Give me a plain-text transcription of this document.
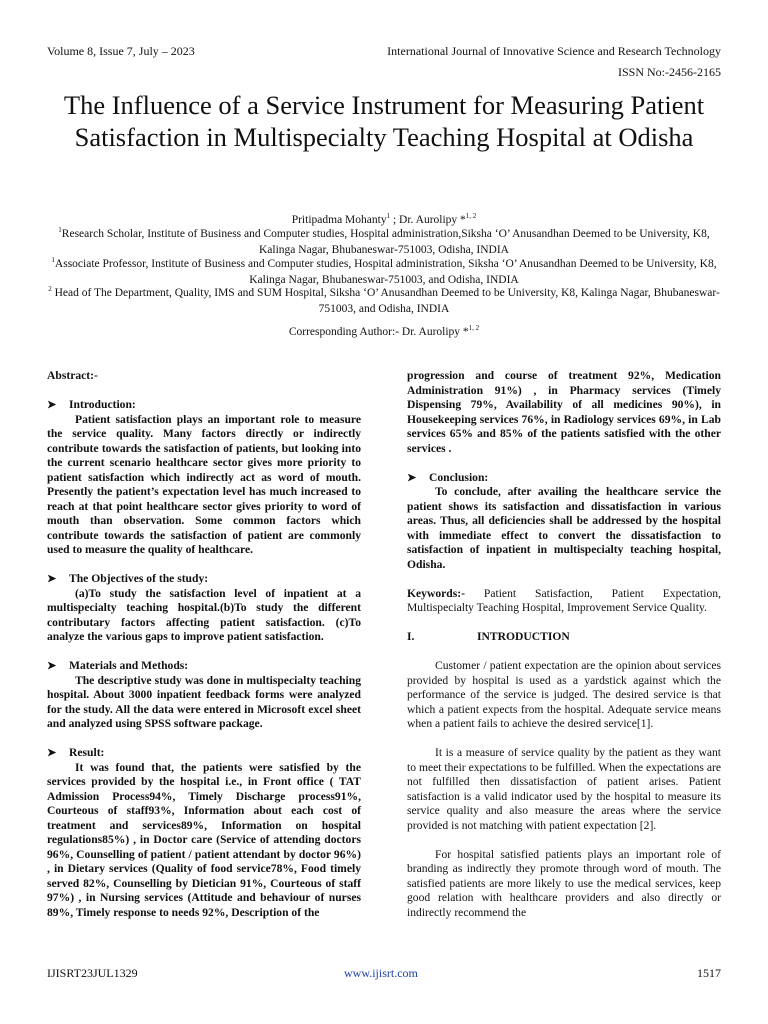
Volume 8, Issue 7, July – 2023	International Journal of Innovative Science and Research Technology
ISSN No:-2456-2165
The Influence of a Service Instrument for Measuring Patient Satisfaction in Multispecialty Teaching Hospital at Odisha
Pritipadma Mohanty$^1$ ; Dr. Aurolipy *$^{1, 2}$
$^1$Research Scholar, Institute of Business and Computer studies, Hospital administration,Siksha ‘O’ Anusandhan Deemed to be University, K8, Kalinga Nagar, Bhubaneswar-751003, Odisha, INDIA
$^1$Associate Professor, Institute of Business and Computer studies, Hospital administration, Siksha ‘O’ Anusandhan Deemed to be University, K8, Kalinga Nagar, Bhubaneswar-751003, and Odisha, INDIA
$^2$ Head of The Department, Quality, IMS and SUM Hospital, Siksha ‘O’ Anusandhan Deemed to be University, K8, Kalinga Nagar, Bhubaneswar-751003, and Odisha, INDIA
Corresponding Author:- Dr. Aurolipy *$^{1, 2}$

Abstract:-

➤	Introduction:

Patient satisfaction plays an important role to measure the service quality. Many factors directly or indirectly contribute towards the satisfaction of patients, but looking into the current scenario healthcare sector gives more priority to patient satisfaction which indirectly act as word of mouth. Presently the patient’s expectation level has much increased to reach at that point healthcare sector gives priority to word of mouth than observation. Some common factors which contribute towards the satisfaction of patient are commonly used to measure the quality of healthcare.

➤	The Objectives of the study:

(a)To study the satisfaction level of inpatient at a multispecialty teaching hospital.(b)To study the different contributary factors affecting patient satisfaction. (c)To analyze the various gaps to improve patient satisfaction.

➤	Materials and Methods:

The descriptive study was done in multispecialty teaching hospital. About 3000 inpatient feedback forms were analyzed for the study. All the data were entered in Microsoft excel sheet and analyzed using SPSS software package.

➤	Result:

It was found that, the patients were satisfied by the services provided by the hospital i.e., in Front office ( TAT Admission Process94%, Timely Discharge process91%, Courteous of staff93%, Information about each cost of treatment and services89%, Information on hospital regulations85%) , in Doctor care (Service of attending doctors 96%, Counselling of patient / patient attendant by doctor 96%) , in Dietary services (Quality of food service78%, Food timely served 82%, Counselling by Dietician 91%, Courteous of staff 97%) , in Nursing services (Attitude and behaviour of nurses 89%, Timely response to needs 92%, Description of the

progression and course of treatment 92%, Medication Administration 91%) , in Pharmacy services (Timely Dispensing 79%, Availability of all medicines 90%), in Housekeeping services 76%, in Radiology services 69%, in Lab services 65% and 85% of the patients satisfied with the other services .

➤	Conclusion:

To conclude, after availing the healthcare service the patient shows its satisfaction and dissatisfaction in various areas. Thus, all deficiencies shall be addressed by the hospital with immediate effect to convert the dissatisfaction to satisfaction of inpatient in multispecialty teaching hospital, Odisha.

Keywords:- Patient Satisfaction, Patient Expectation, Multispecialty Teaching Hospital, Improvement Service Quality.

I.	INTRODUCTION

Customer / patient expectation are the opinion about services provided by hospital is used as a yardstick against which the performance of the service is judged. The desired service is that which a patient expects from the hospital. Adequate service means when a patient fails to achieve the desired service[1].

It is a measure of service quality by the patient as they want to meet their expectations to be fulfilled. When the expectations are not fulfilled then dissatisfaction of patient arises. Patient satisfaction is a valid indicator used by the hospital to measure its service quality and also measure the areas where the service provided is not matching with patient expectation [2].

For hospital satisfied patients plays an important role of branding as indirectly they promote through word of mouth. The satisfied patients are more likely to use the medical services, keep good relation with healthcare providers and also directly or indirectly recommend the

IJISRT23JUL1329	www.ijisrt.com	1517
